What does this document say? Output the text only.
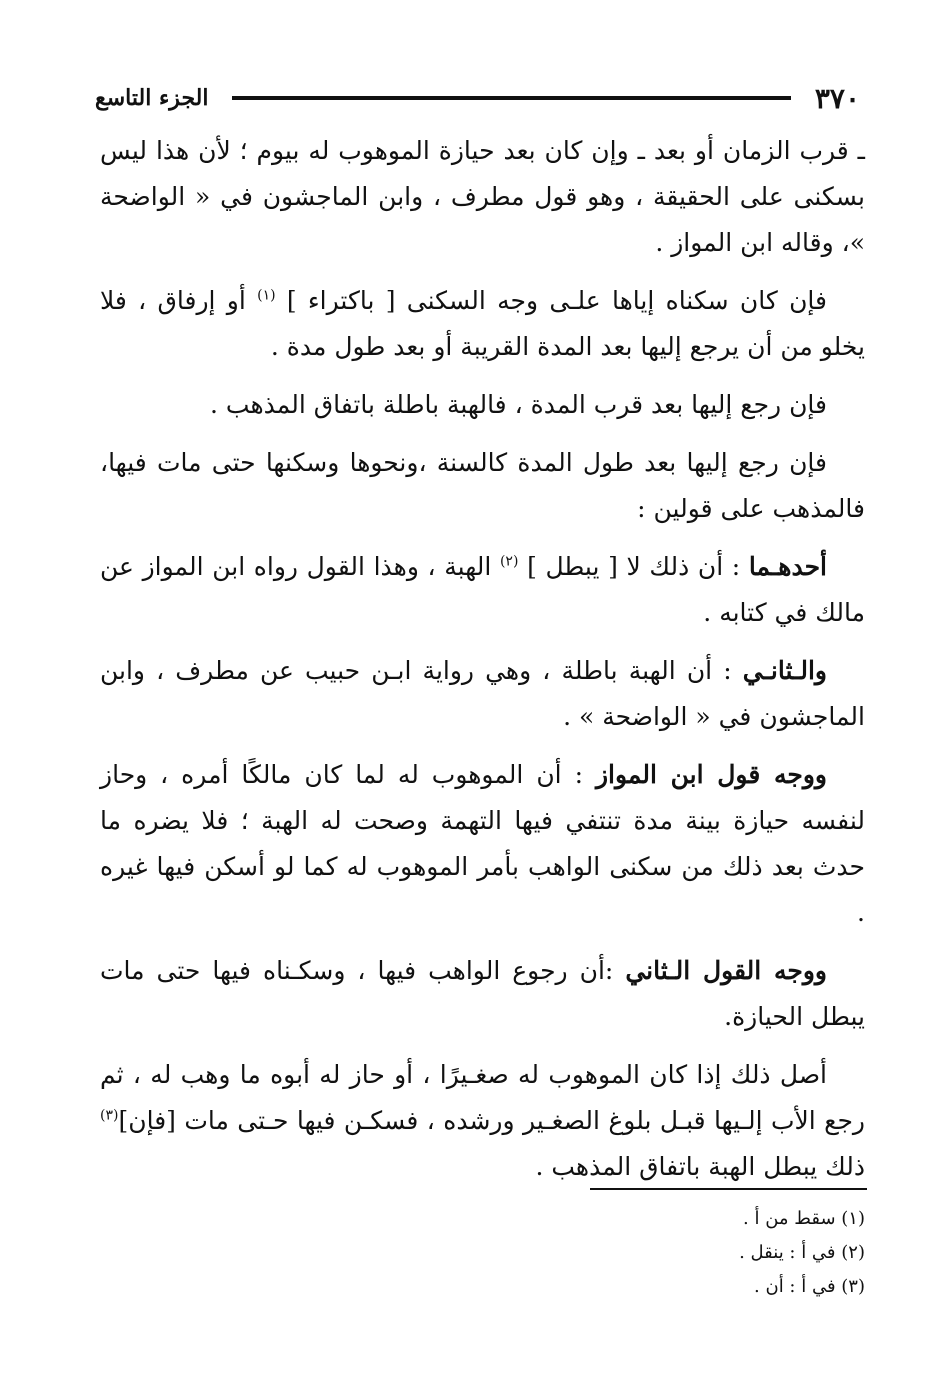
٣٧٠
الجزء التاسع

ـ قرب الزمان أو بعد ـ وإن كان بعد حيازة الموهوب له بيوم ؛ لأن هذا ليس بسكنى على الحقيقة ، وهو قول مطرف ، وابن الماجشون في « الواضحة »، وقاله ابن المواز .

فإن كان سكناه إياها علـى وجه السكنى [ باكتراء ] $^{(١)}$ أو إرفاق ، فلا يخلو من أن يرجع إليها بعد المدة القريبة أو بعد طول مدة .

فإن رجع إليها بعد قرب المدة ، فالهبة باطلة باتفاق المذهب .

فإن رجع إليها بعد طول المدة كالسنة ،ونحوها وسكنها حتى مات فيها، فالمذهب على قولين :

أحدهـما : أن ذلك لا [ يبطل ] $^{(٢)}$ الهبة ، وهذا القول رواه ابن المواز عن مالك في كتابه .

والـثانـي : أن الهبة باطلة ، وهي رواية ابـن حبيب عن مطرف ، وابن الماجشون في « الواضحة » .

ووجه قول ابن المواز : أن الموهوب له لما كان مالكًا أمره ، وحاز لنفسه حيازة بينة مدة تنتفي فيها التهمة وصحت له الهبة ؛ فلا يضره ما حدث بعد ذلك من سكنى الواهب بأمر الموهوب له كما لو أسكن فيها غيره .

ووجه القول الـثاني :أن رجوع الواهب فيها ، وسكـناه فيها حتى مات يبطل الحيازة.

أصل ذلك إذا كان الموهوب له صغـيرًا ، أو حاز له أبوه ما وهب له ، ثم رجع الأب إلـيها قبـل بلوغ الصغـير ورشده ، فسكـن فيها حـتى مات [فإن]$^{(٣)}$ ذلك يبطل الهبة باتفاق المذهب .

(١) سقط من أ .
(٢) في أ : ينقل .
(٣) في أ : أن .
